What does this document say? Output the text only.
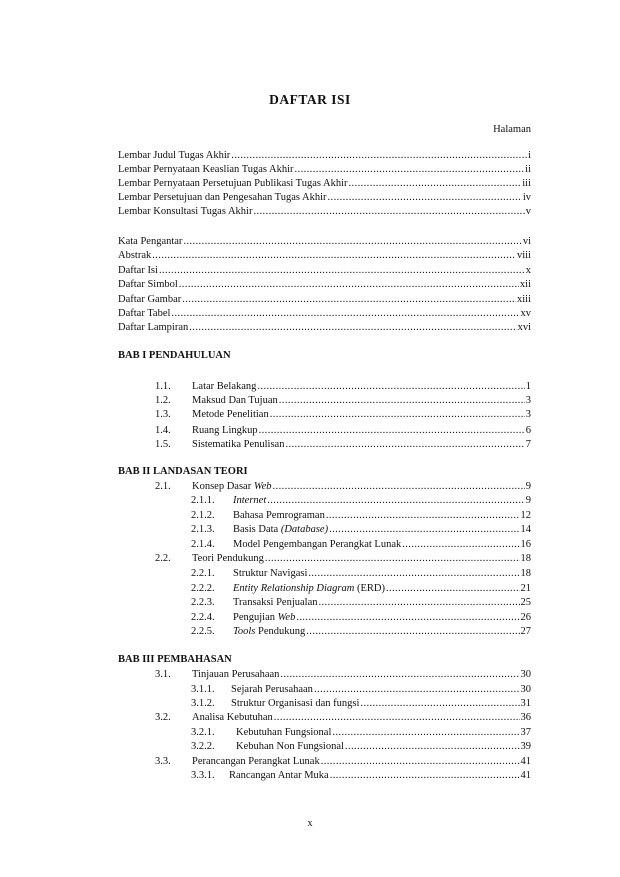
DAFTAR ISI
Halaman
Lembar Judul Tugas Akhir .....	i
Lembar Pernyataan Keaslian Tugas Akhir .....	ii
Lembar Pernyataan Persetujuan Publikasi Tugas Akhir .....	iii
Lembar Persetujuan dan Pengesahan Tugas Akhir .....	iv
Lembar Konsultasi Tugas Akhir .....	v
Kata Pengantar .....	vi
Abstrak .....	viii
Daftar Isi .....	x
Daftar Simbol .....	xii
Daftar Gambar .....	xiii
Daftar Tabel .....	xv
Daftar Lampiran .....	xvi
BAB I PENDAHULUAN
1.1.	Latar Belakang .....	1
1.2.	Maksud Dan Tujuan .....	3
1.3.	Metode Penelitian .....	3
1.4.	Ruang Lingkup .....	6
1.5.	Sistematika Penulisan .....	7
BAB II LANDASAN TEORI
2.1.	Konsep Dasar Web .....	9
2.1.1.	Internet .....	9
2.1.2.	Bahasa Pemrograman .....	12
2.1.3.	Basis Data (Database) .....	14
2.1.4.	Model Pengembangan Perangkat Lunak .....	16
2.2.	Teori Pendukung .....	18
2.2.1.	Struktur Navigasi .....	18
2.2.2.	Entity Relationship Diagram (ERD) .....	21
2.2.3.	Transaksi Penjualan .....	25
2.2.4.	Pengujian Web .....	26
2.2.5.	Tools Pendukung .....	27
BAB III PEMBAHASAN
3.1.	Tinjauan Perusahaan .....	30
3.1.1.	Sejarah Perusahaan .....	30
3.1.2.	Struktur Organisasi dan fungsi .....	31
3.2.	Analisa Kebutuhan .....	36
3.2.1.	Kebutuhan Fungsional .....	37
3.2.2.	Kebuhan Non Fungsional .....	39
3.3.	Perancangan Perangkat Lunak .....	41
3.3.1.	Rancangan Antar Muka .....	41
x
